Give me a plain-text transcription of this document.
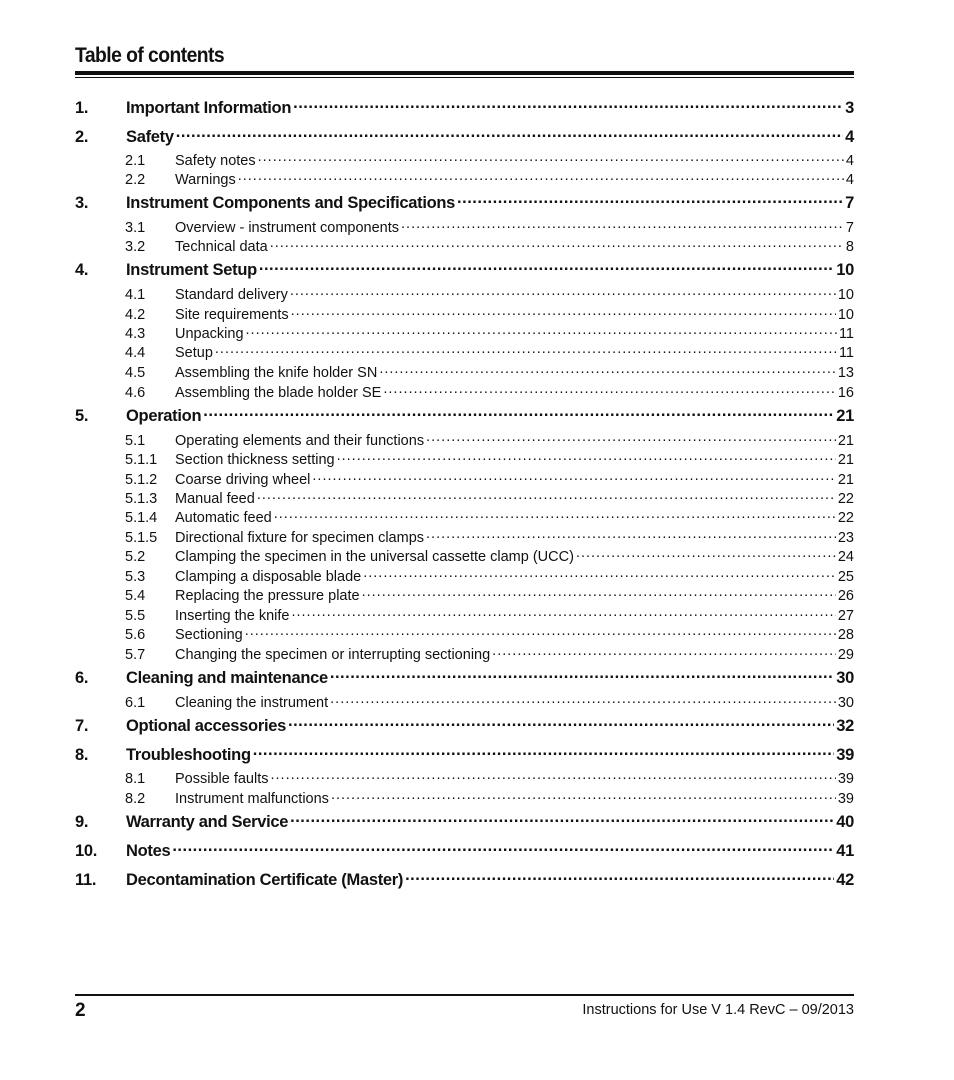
Table of contents
1.	Important Information .....	3
2.	Safety .....	4
2.1	Safety notes .....	4
2.2	Warnings .....	4
3.	Instrument Components and Specifications .....	7
3.1	Overview - instrument components .....	7
3.2	Technical data .....	8
4.	Instrument Setup .....	10
4.1	Standard delivery .....	10
4.2	Site requirements .....	10
4.3	Unpacking .....	11
4.4	Setup .....	11
4.5	Assembling the knife holder SN .....	13
4.6	Assembling the blade holder SE .....	16
5.	Operation .....	21
5.1	Operating elements and their functions .....	21
5.1.1	Section thickness setting .....	21
5.1.2	Coarse driving wheel .....	21
5.1.3	Manual feed .....	22
5.1.4	Automatic feed .....	22
5.1.5	Directional fixture for specimen clamps .....	23
5.2	Clamping the specimen in the universal cassette clamp (UCC) .....	24
5.3	Clamping a disposable blade .....	25
5.4	Replacing the pressure plate .....	26
5.5	Inserting the knife .....	27
5.6	Sectioning .....	28
5.7	Changing the specimen or interrupting sectioning .....	29
6.	Cleaning and maintenance .....	30
6.1	Cleaning the instrument .....	30
7.	Optional accessories .....	32
8.	Troubleshooting .....	39
8.1	Possible faults .....	39
8.2	Instrument malfunctions .....	39
9.	Warranty and Service .....	40
10.	Notes .....	41
11.	Decontamination Certificate (Master) .....	42
2	Instructions for Use V 1.4 RevC – 09/2013
